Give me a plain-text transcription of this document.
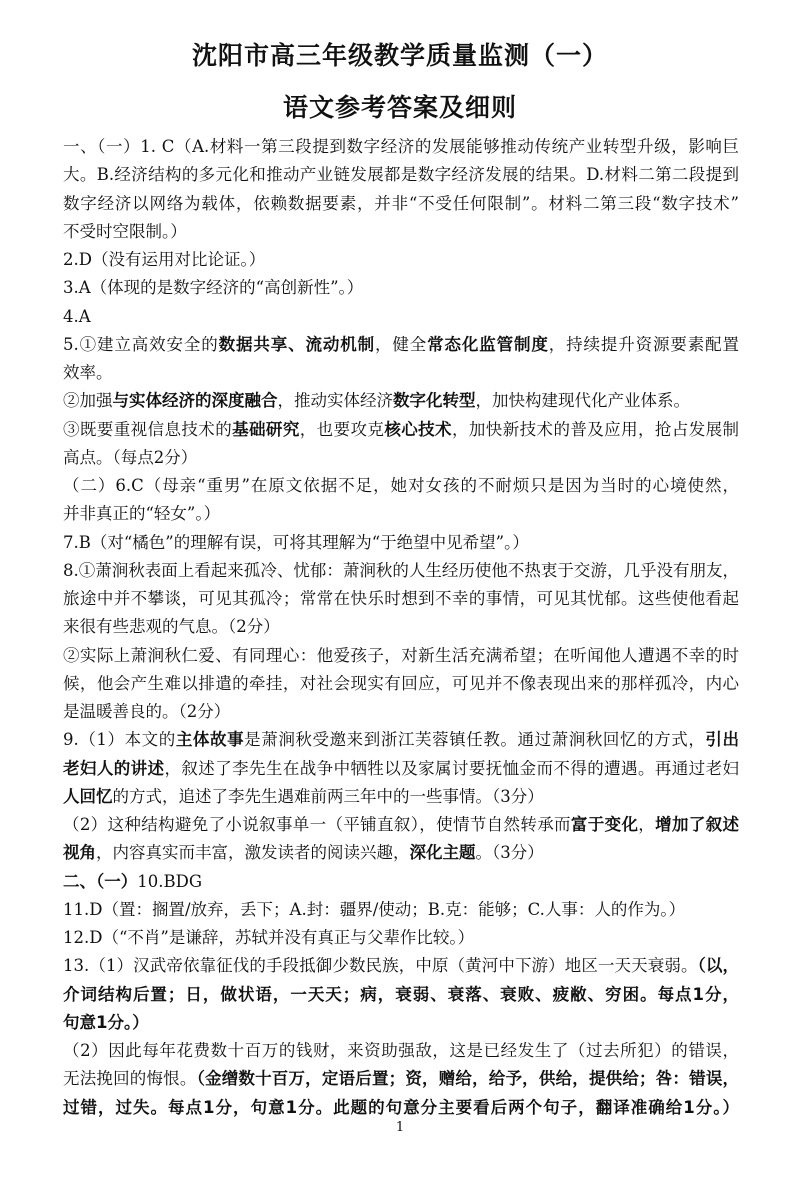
沈阳市高三年级教学质量监测（一）
语文参考答案及细则
一、（一）1. C（A.材料一第三段提到数字经济的发展能够推动传统产业转型升级，影响巨
大。B.经济结构的多元化和推动产业链发展都是数字经济发展的结果。D.材料二第二段提到
数字经济以网络为载体，依赖数据要素，并非“不受任何限制”。材料二第三段“数字技术”
不受时空限制。）
2.D（没有运用对比论证。）
3.A（体现的是数字经济的“高创新性”。）
4.A
5.①建立高效安全的数据共享、流动机制，健全常态化监管制度，持续提升资源要素配置
效率。
②加强与实体经济的深度融合，推动实体经济数字化转型，加快构建现代化产业体系。
③既要重视信息技术的基础研究，也要攻克核心技术，加快新技术的普及应用，抢占发展制
高点。（每点2分）
（二）6.C（母亲“重男”在原文依据不足，她对女孩的不耐烦只是因为当时的心境使然，
并非真正的“轻女”。）
7.B（对“橘色”的理解有误，可将其理解为“于绝望中见希望”。）
8.①萧涧秋表面上看起来孤冷、忧郁：萧涧秋的人生经历使他不热衷于交游，几乎没有朋友，
旅途中并不攀谈，可见其孤冷；常常在快乐时想到不幸的事情，可见其忧郁。这些使他看起
来很有些悲观的气息。（2分）
②实际上萧涧秋仁爱、有同理心：他爱孩子，对新生活充满希望；在听闻他人遭遇不幸的时
候，他会产生难以排遣的牵挂，对社会现实有回应，可见并不像表现出来的那样孤冷，内心
是温暖善良的。（2分）
9.（1）本文的主体故事是萧涧秋受邀来到浙江芙蓉镇任教。通过萧涧秋回忆的方式，引出
老妇人的讲述，叙述了李先生在战争中牺牲以及家属讨要抚恤金而不得的遭遇。再通过老妇
人回忆的方式，追述了李先生遇难前两三年中的一些事情。（3分）
（2）这种结构避免了小说叙事单一（平铺直叙），使情节自然转承而富于变化，增加了叙述
视角，内容真实而丰富，激发读者的阅读兴趣，深化主题。（3分）
二、（一）10.BDG
11.D（置：搁置/放弃，丢下；A.封：疆界/使动；B.克：能够；C.人事：人的作为。）
12.D（“不肖”是谦辞，苏轼并没有真正与父辈作比较。）
13.（1）汉武帝依靠征伐的手段抵御少数民族，中原（黄河中下游）地区一天天衰弱。（以，
介词结构后置；日，做状语，一天天；病，衰弱、衰落、衰败、疲敝、穷困。每点1分，
句意1分。）
（2）因此每年花费数十百万的钱财，来资助强敌，这是已经发生了（过去所犯）的错误，
无法挽回的悔恨。（金缯数十百万，定语后置；资，赠给，给予，供给，提供给；咎：错误，
过错，过失。每点1分，句意1分。此题的句意分主要看后两个句子，翻译准确给1分。）
1
